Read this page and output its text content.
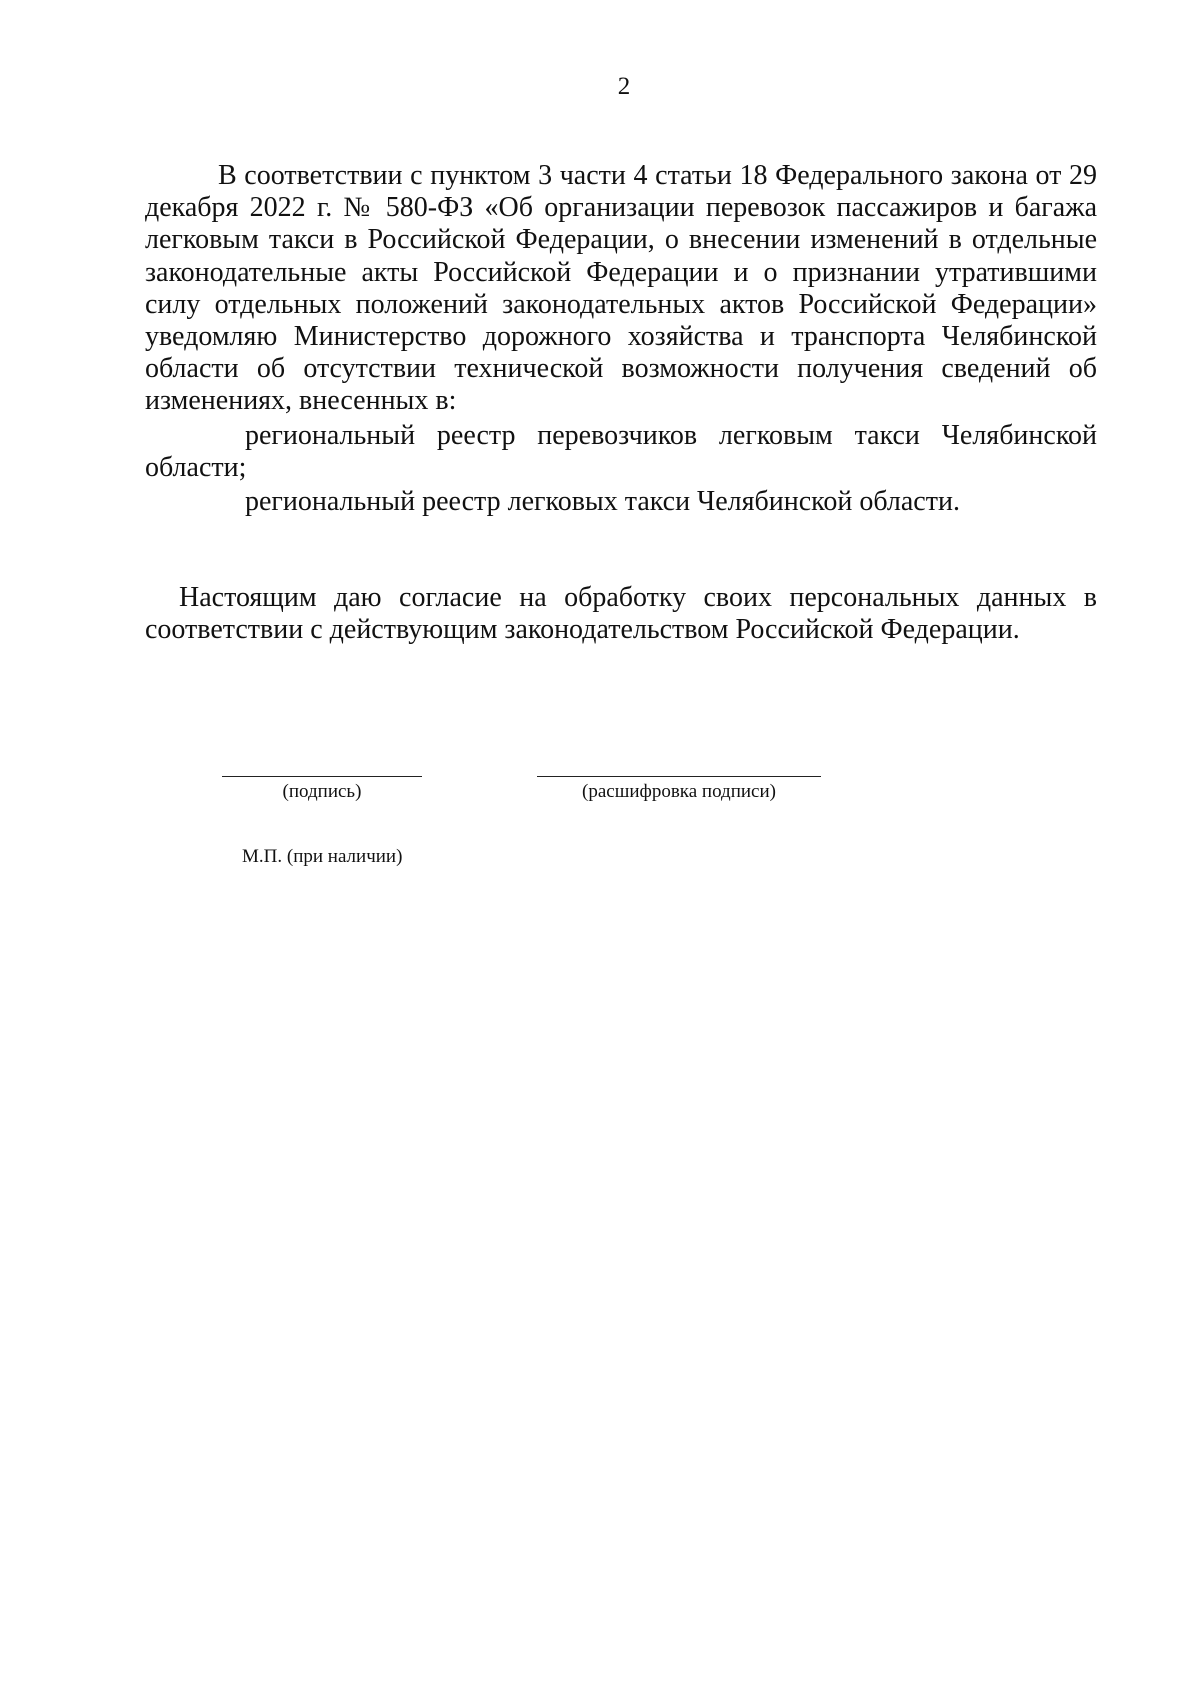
2

В соответствии с пунктом 3 части 4 статьи 18 Федерального закона от 29 декабря 2022 г. № 580-ФЗ «Об организации перевозок пассажиров и багажа легковым такси в Российской Федерации, о внесении изменений в отдельные законодательные акты Российской Федерации и о признании утратившими силу отдельных положений законодательных актов Российской Федерации» уведомляю Министерство дорожного хозяйства и транспорта Челябинской области об отсутствии технической возможности получения сведений об изменениях, внесенных в:

региональный реестр перевозчиков легковым такси Челябинской области;

региональный реестр легковых такси Челябинской области.

Настоящим даю согласие на обработку своих персональных данных в соответствии с действующим законодательством Российской Федерации.

(подпись)	(расшифровка подписи)
М.П. (при наличии)
